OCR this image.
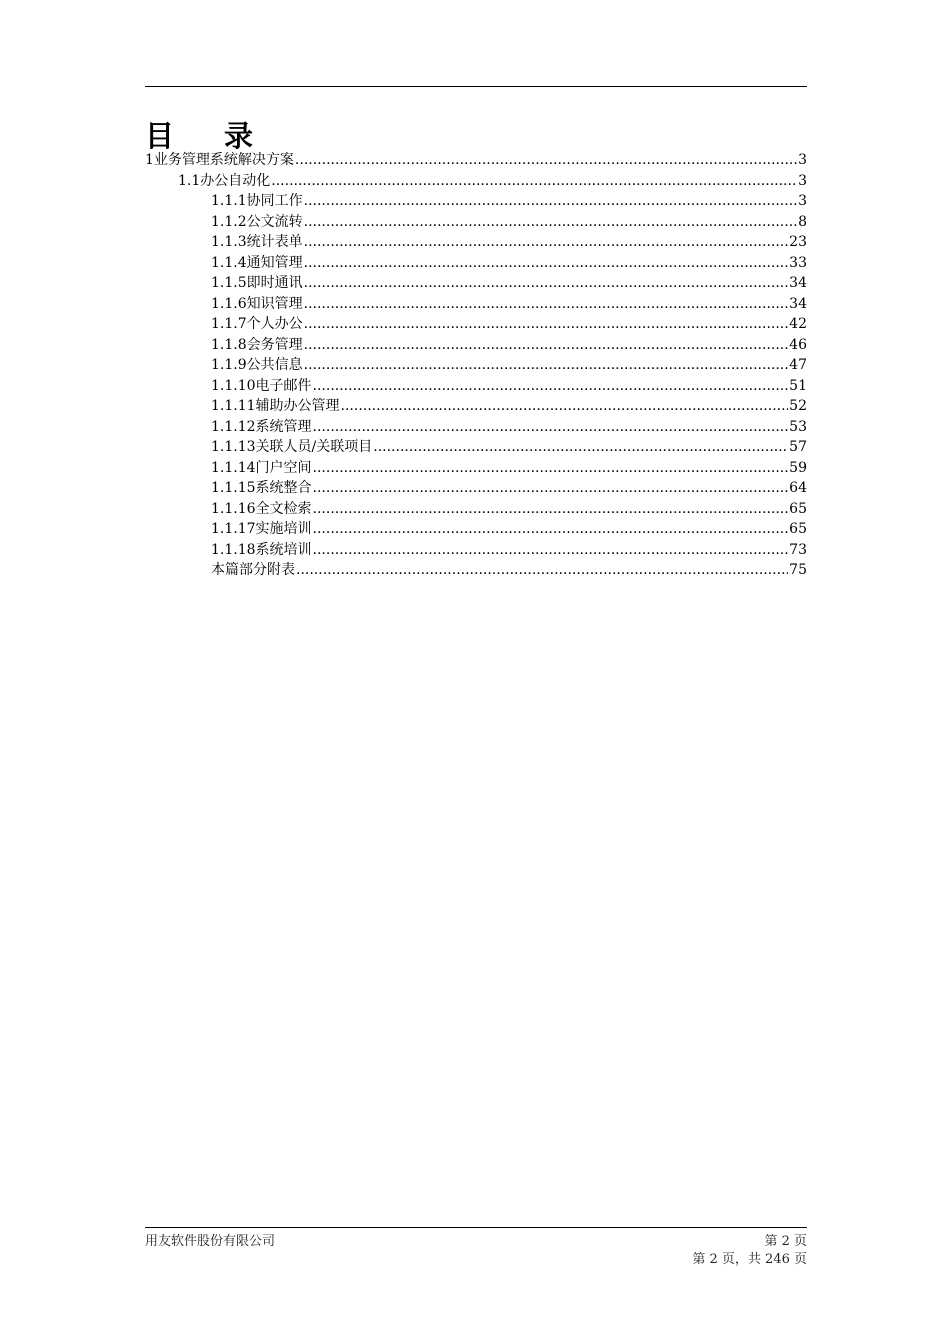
目 录
1 业务管理系统解决方案 .....	3
1.1 办公自动化 .....	3
1.1.1 协同工作 .....	3
1.1.2 公文流转 .....	8
1.1.3 统计表单 .....	23
1.1.4 通知管理 .....	33
1.1.5 即时通讯 .....	34
1.1.6 知识管理 .....	34
1.1.7 个人办公 .....	42
1.1.8 会务管理 .....	46
1.1.9 公共信息 .....	47
1.1.10 电子邮件 .....	51
1.1.11 辅助办公管理 .....	52
1.1.12 系统管理 .....	53
1.1.13 关联人员/关联项目 .....	57
1.1.14 门户空间 .....	59
1.1.15 系统整合 .....	64
1.1.16 全文检索 .....	65
1.1.17 实施培训 .....	65
1.1.18 系统培训 .....	73
本篇部分附表 .....	75
用友软件股份有限公司	第 2 页
第 2 页，共 246 页
